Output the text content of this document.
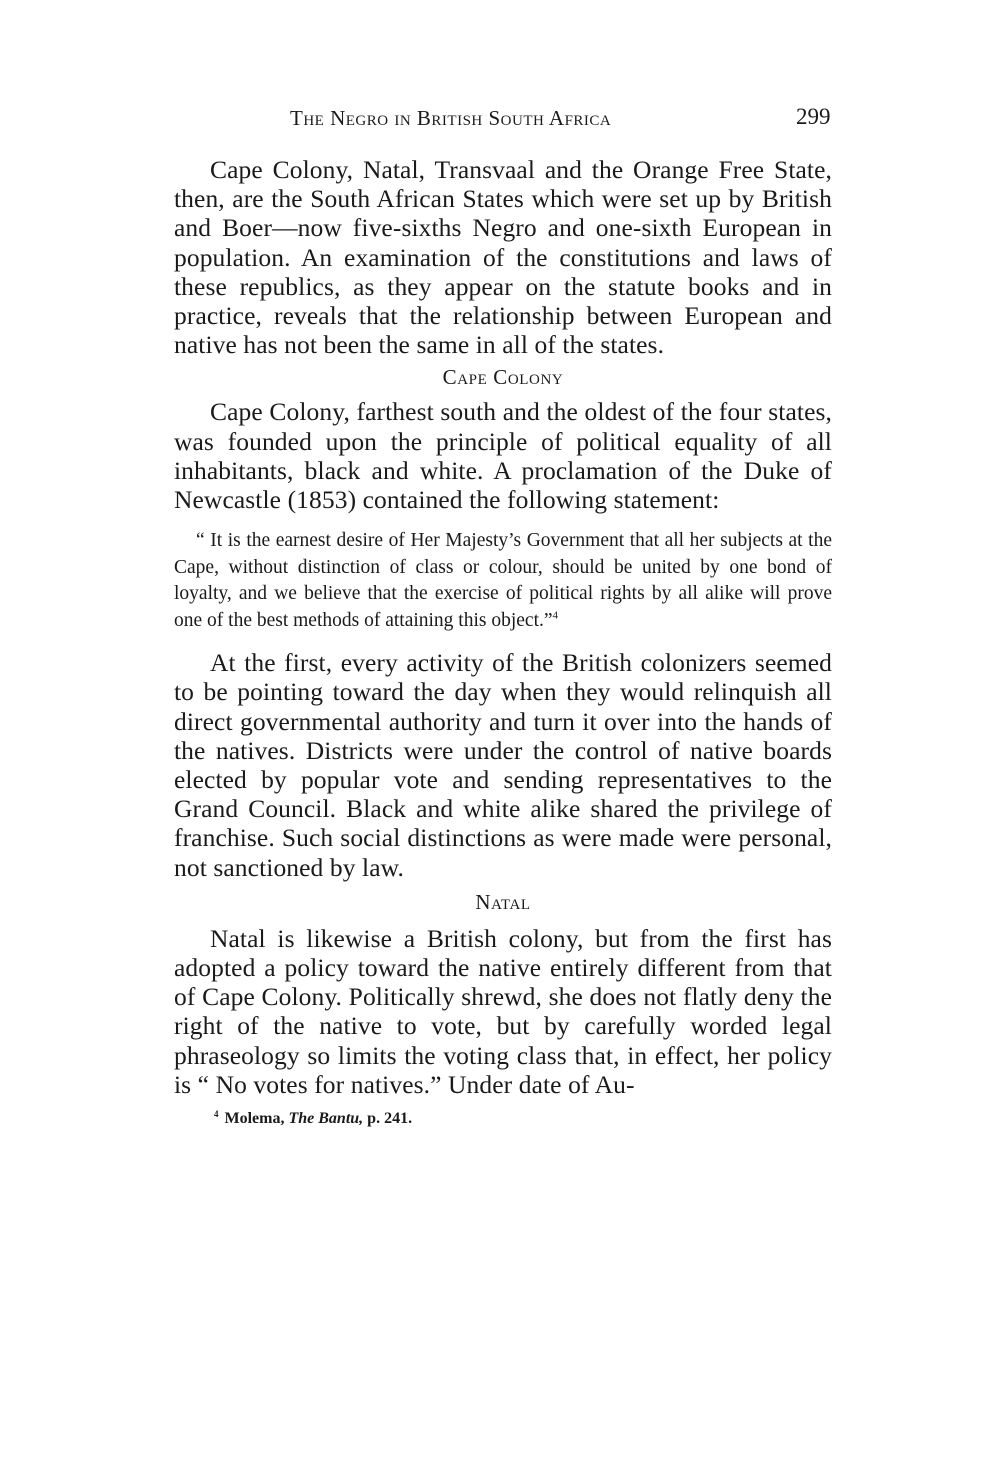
The Negro in British South Africa	299

Cape Colony, Natal, Transvaal and the Orange Free State, then, are the South African States which were set up by British and Boer—now five-sixths Negro and one-sixth European in population. An examination of the constitutions and laws of these republics, as they appear on the statute books and in practice, reveals that the relationship between European and native has not been the same in all of the states.

Cape Colony

Cape Colony, farthest south and the oldest of the four states, was founded upon the principle of political equality of all inhabitants, black and white. A proclamation of the Duke of Newcastle (1853) contained the following statement:

“ It is the earnest desire of Her Majesty’s Government that all her subjects at the Cape, without distinction of class or colour, should be united by one bond of loyalty, and we believe that the exercise of political rights by all alike will prove one of the best methods of attaining this object.”$^4$

At the first, every activity of the British colonizers seemed to be pointing toward the day when they would relinquish all direct governmental authority and turn it over into the hands of the natives. Districts were under the control of native boards elected by popular vote and sending representatives to the Grand Council. Black and white alike shared the privilege of franchise. Such social distinctions as were made were personal, not sanctioned by law.

Natal

Natal is likewise a British colony, but from the first has adopted a policy toward the native entirely different from that of Cape Colony. Politically shrewd, she does not flatly deny the right of the native to vote, but by carefully worded legal phraseology so limits the voting class that, in effect, her policy is “ No votes for natives.” Under date of Au-

$^4$ Molema, The Bantu, p. 241.
